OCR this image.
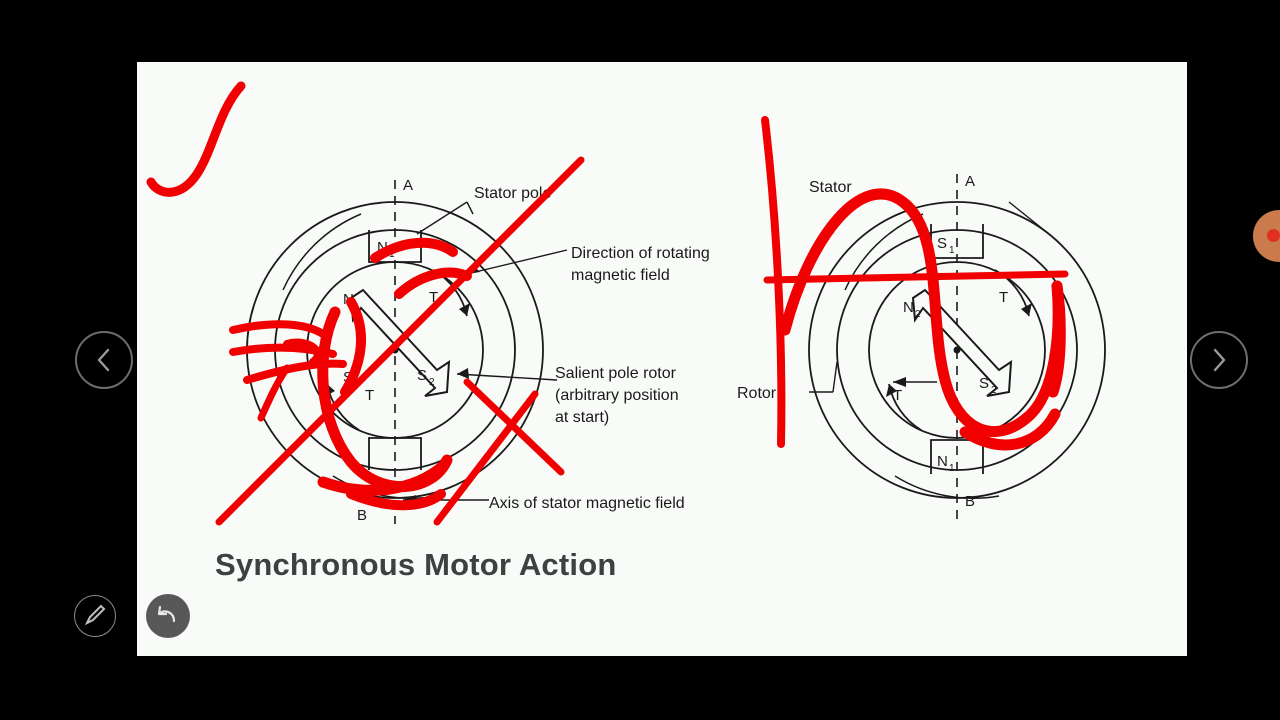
A
B
N 1
S 2
N
S
T
T
A
B
S 1
N 1
N 2
S 2
T
T
Stator
Rotor
Stator pole
Direction of rotating
magnetic field
Salient pole rotor
(arbitrary position
at start)
Axis of stator magnetic field
Synchronous Motor Action
